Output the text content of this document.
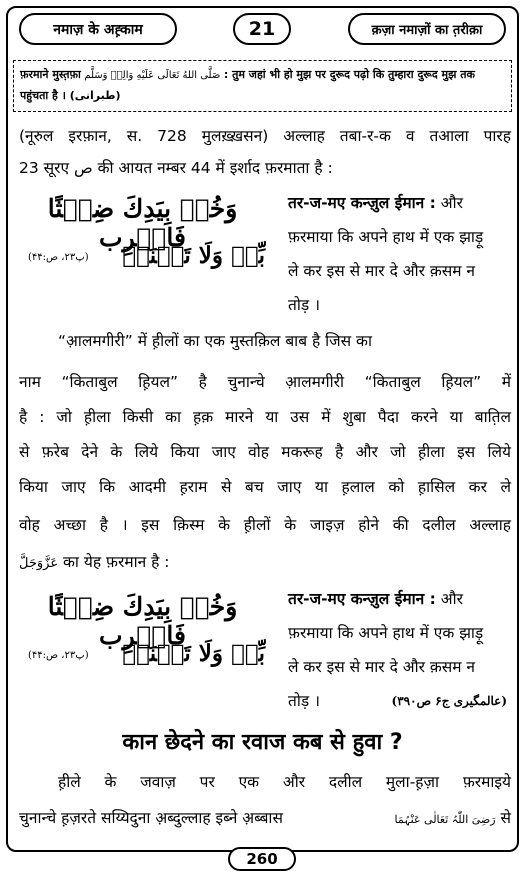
नमाज़ के अह़्काम	21	क़ज़ा नमाज़ों का त़रीक़ा
फ़रमाने मुस्त़फ़ा صَلَّى اللهُ تَعَالَى عَلَيْهِ وَالِهٖ وَسَلَّم : तुम जहां भी हो मुझ पर दुरूद पढ़ो कि तुम्हारा दुरूद मुझ तक
पहुंचता है । (طبرانی)
(नूरुल इरफ़ान, स. 728 मुलख़्ख़सन) अल्लाह तबा-र-क व तआला पारह
23 सूरए ص की आयत नम्बर 44 में इर्शाद फ़रमाता है :
وَخُذۡ بِيَدِكَ ضِغۡثًا فَاضۡرِب
بِّهٖ وَلَا تَحۡنَثۡ
(پ۲۳، ص:۴۴)
तर-ज-मए कन्ज़ुल ईमान : और
फ़रमाया कि अपने हाथ में एक झाड़ू
ले कर इस से मार दे और क़सम न
तोड़ ।
“आ़लमगीरी” में ह़ीलों का एक मुस्तक़िल बाब है जिस का
नाम “किताबुल ह़ियल” है चुनान्चे आ़लमगीरी “किताबुल ह़ियल” में
है : जो ह़ीला किसी का ह़क़ मारने या उस में शुबा पैदा करने या बात़िल
से फ़रेब देने के लिये किया जाए वोह मकरूह है और जो ह़ीला इस लिये
किया जाए कि आदमी ह़राम से बच जाए या ह़लाल को ह़ासिल कर ले
वोह अच्छा है । इस क़िस्म के ह़ीलों के जाइज़ होने की दलील अल्लाह
عَزَّوَجَلَّ का येह फ़रमान है :
وَخُذۡ بِيَدِكَ ضِغۡثًا فَاضۡرِب
بِّهٖ وَلَا تَحۡنَثۡ
(پ۲۳، ص:۴۴)
तर-ज-मए कन्ज़ुल ईमान : और
फ़रमाया कि अपने हाथ में एक झाड़ू
ले कर इस से मार दे और क़सम न
तोड़ ।	(عالمگیری ج۶ ص۳۹۰)
कान छेदने का रवाज कब से हुवा ?
ह़ीले के जवाज़ पर एक और दलील मुला-ह़ज़ा फ़रमाइये
चुनान्चे ह़ज़रते सय्यिदुना अ़ब्दुल्लाह इब्ने अ़ब्बास	رَضِیَ اللّٰہُ تَعَالٰی عَنْہُمَا से
260
